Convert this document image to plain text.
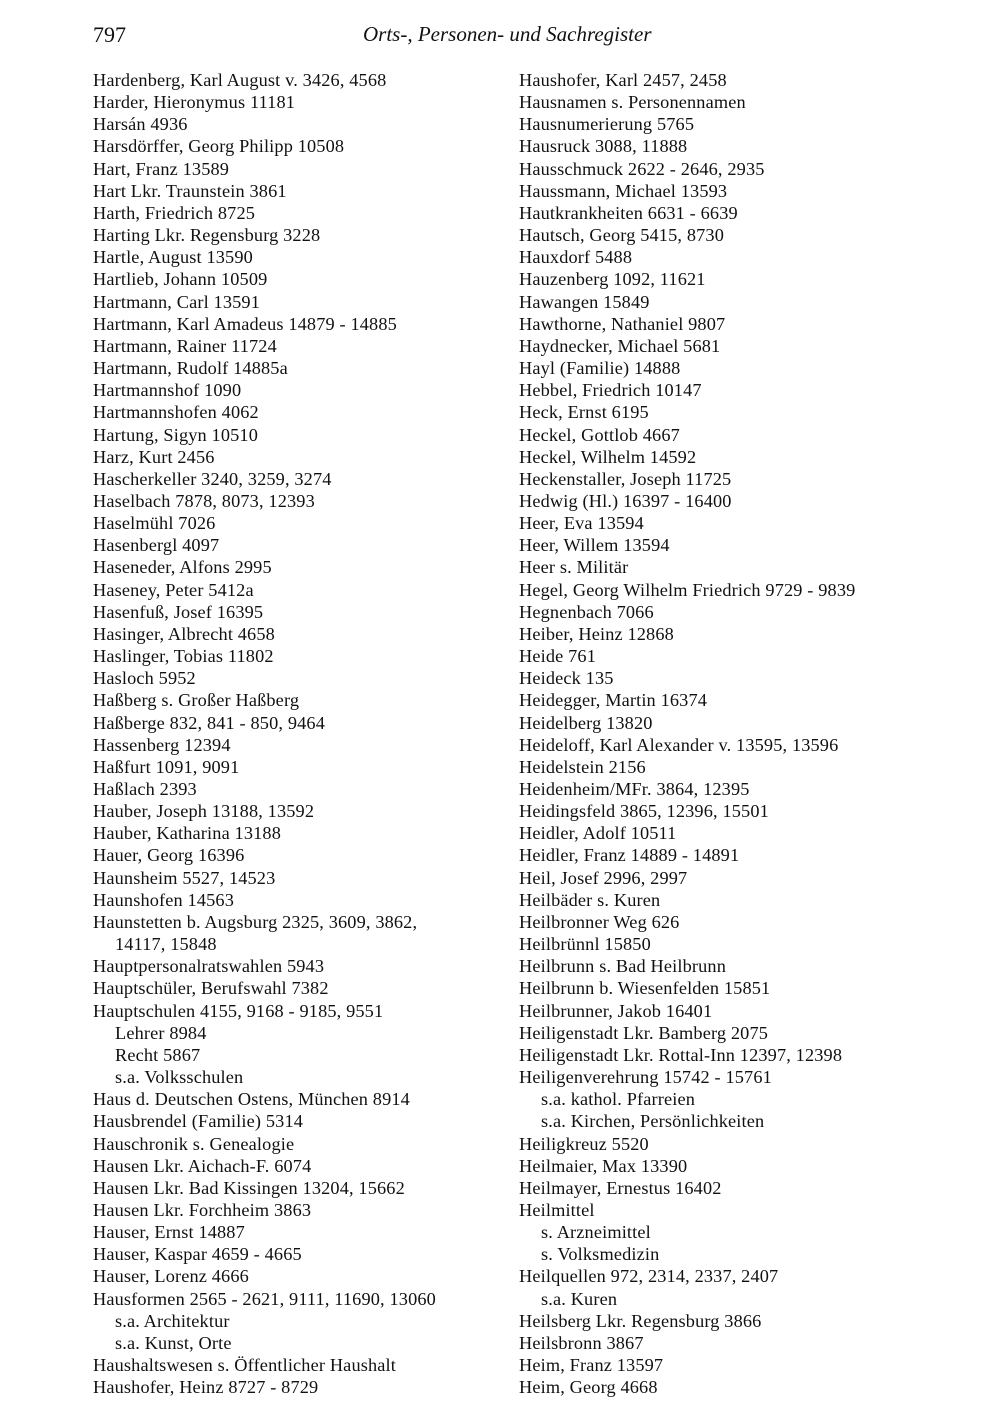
797	Orts-, Personen- und Sachregister
Hardenberg, Karl August v. 3426, 4568
Harder, Hieronymus 11181
Harsán 4936
Harsdörffer, Georg Philipp 10508
Hart, Franz 13589
Hart Lkr. Traunstein 3861
Harth, Friedrich 8725
Harting Lkr. Regensburg 3228
Hartle, August 13590
Hartlieb, Johann 10509
Hartmann, Carl 13591
Hartmann, Karl Amadeus 14879 - 14885
Hartmann, Rainer 11724
Hartmann, Rudolf 14885a
Hartmannshof 1090
Hartmannshofen 4062
Hartung, Sigyn 10510
Harz, Kurt 2456
Hascherkeller 3240, 3259, 3274
Haselbach 7878, 8073, 12393
Haselmühl 7026
Hasenbergl 4097
Haseneder, Alfons 2995
Haseney, Peter 5412a
Hasenfuß, Josef 16395
Hasinger, Albrecht 4658
Haslinger, Tobias 11802
Hasloch 5952
Haßberg s. Großer Haßberg
Haßberge 832, 841 - 850, 9464
Hassenberg 12394
Haßfurt 1091, 9091
Haßlach 2393
Hauber, Joseph 13188, 13592
Hauber, Katharina 13188
Hauer, Georg 16396
Haunsheim 5527, 14523
Haunshofen 14563
Haunstetten b. Augsburg 2325, 3609, 3862,
14117, 15848
Hauptpersonalratswahlen 5943
Hauptschüler, Berufswahl 7382
Hauptschulen 4155, 9168 - 9185, 9551
Lehrer 8984
Recht 5867
s.a. Volksschulen
Haus d. Deutschen Ostens, München 8914
Hausbrendel (Familie) 5314
Hauschronik s. Genealogie
Hausen Lkr. Aichach-F. 6074
Hausen Lkr. Bad Kissingen 13204, 15662
Hausen Lkr. Forchheim 3863
Hauser, Ernst 14887
Hauser, Kaspar 4659 - 4665
Hauser, Lorenz 4666
Hausformen 2565 - 2621, 9111, 11690, 13060
s.a. Architektur
s.a. Kunst, Orte
Haushaltswesen s. Öffentlicher Haushalt
Haushofer, Heinz 8727 - 8729
Haushofer, Karl 2457, 2458
Hausnamen s. Personennamen
Hausnumerierung 5765
Hausruck 3088, 11888
Hausschmuck 2622 - 2646, 2935
Haussmann, Michael 13593
Hautkrankheiten 6631 - 6639
Hautsch, Georg 5415, 8730
Hauxdorf 5488
Hauzenberg 1092, 11621
Hawangen 15849
Hawthorne, Nathaniel 9807
Haydnecker, Michael 5681
Hayl (Familie) 14888
Hebbel, Friedrich 10147
Heck, Ernst 6195
Heckel, Gottlob 4667
Heckel, Wilhelm 14592
Heckenstaller, Joseph 11725
Hedwig (Hl.) 16397 - 16400
Heer, Eva 13594
Heer, Willem 13594
Heer s. Militär
Hegel, Georg Wilhelm Friedrich 9729 - 9839
Hegnenbach 7066
Heiber, Heinz 12868
Heide 761
Heideck 135
Heidegger, Martin 16374
Heidelberg 13820
Heideloff, Karl Alexander v. 13595, 13596
Heidelstein 2156
Heidenheim/MFr. 3864, 12395
Heidingsfeld 3865, 12396, 15501
Heidler, Adolf 10511
Heidler, Franz 14889 - 14891
Heil, Josef 2996, 2997
Heilbäder s. Kuren
Heilbronner Weg 626
Heilbrünnl 15850
Heilbrunn s. Bad Heilbrunn
Heilbrunn b. Wiesenfelden 15851
Heilbrunner, Jakob 16401
Heiligenstadt Lkr. Bamberg 2075
Heiligenstadt Lkr. Rottal-Inn 12397, 12398
Heiligenverehrung 15742 - 15761
s.a. kathol. Pfarreien
s.a. Kirchen, Persönlichkeiten
Heiligkreuz 5520
Heilmaier, Max 13390
Heilmayer, Ernestus 16402
Heilmittel
s. Arzneimittel
s. Volksmedizin
Heilquellen 972, 2314, 2337, 2407
s.a. Kuren
Heilsberg Lkr. Regensburg 3866
Heilsbronn 3867
Heim, Franz 13597
Heim, Georg 4668
